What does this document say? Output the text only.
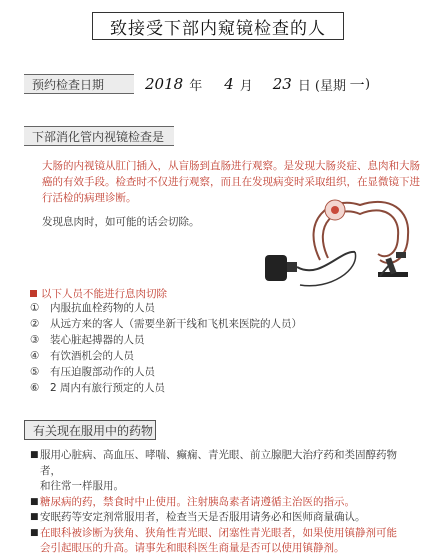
致接受下部内窥镜检查的人
预约检查日期	2018 年 4 月 23 日 (星期 一 )
下部消化管内视镜检查是
大肠的内视镜从肛门插入，从盲肠到直肠进行观察。是发现大肠炎症、息肉和大肠
癌的有效手段。检查时不仅进行观察，而且在发现病变时采取组织，在显微镜下进
行活检的病理诊断。
发现息肉时，如可能的话会切除。
以下人员不能进行息肉切除
①	内服抗血栓药物的人员
②	从远方来的客人（需要坐新干线和飞机来医院的人员）
③	装心脏起搏器的人员
④	有饮酒机会的人员
⑤	有压迫腹部动作的人员
⑥	2 周内有旅行预定的人员
有关现在服用中的药物
■ 服用心脏病、高血压、哮喘、癫痫、青光眼、前立腺肥大治疗药和类固醇药物者，
和往常一样服用。
■ 糖尿病的药，禁食时中止使用。注射胰岛素者请遵循主治医的指示。
■ 安眠药等安定剂常服用者，检查当天是否服用请务必和医师商量确认。
■ 在眼科被诊断为狭角、狭角性青光眼、闭塞性青光眼者，如果使用镇静剂可能
会引起眼压的升高。请事先和眼科医生商量是否可以使用镇静剂。
